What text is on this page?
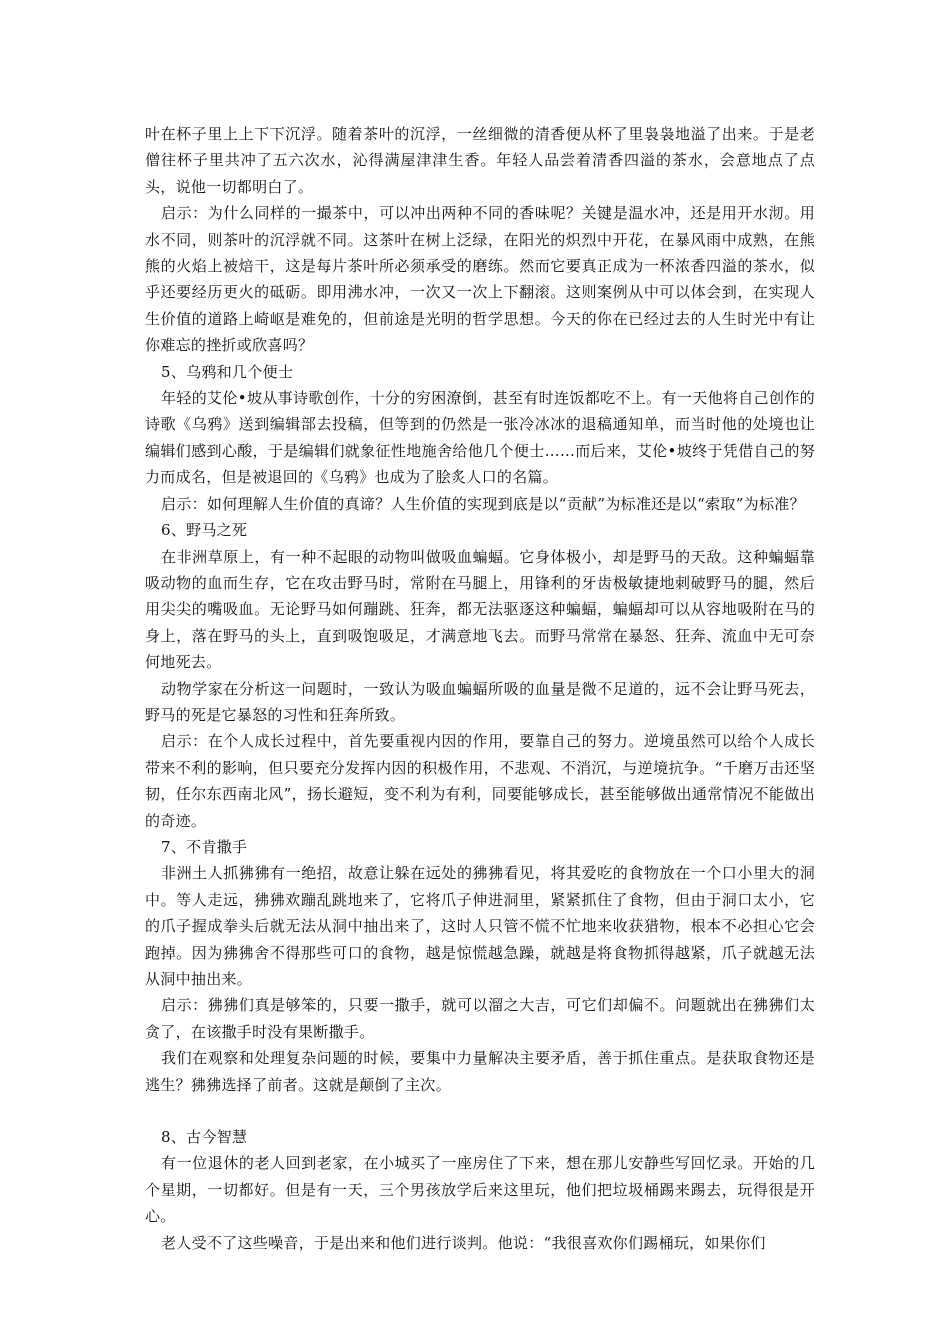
叶在杯子里上上下下沉浮。随着茶叶的沉浮，一丝细微的清香便从杯了里袅袅地溢了出来。于是老僧往杯子里共冲了五六次水，沁得满屋津津生香。年轻人品尝着清香四溢的茶水，会意地点了点头，说他一切都明白了。

启示：为什么同样的一撮茶中，可以冲出两种不同的香味呢？关键是温水冲，还是用开水沏。用水不同，则茶叶的沉浮就不同。这茶叶在树上泛绿，在阳光的炽烈中开花，在暴风雨中成熟，在熊熊的火焰上被焙干，这是每片茶叶所必须承受的磨练。然而它要真正成为一杯浓香四溢的茶水，似乎还要经历更火的砥砺。即用沸水冲，一次又一次上下翻滚。这则案例从中可以体会到，在实现人生价值的道路上崎岖是难免的，但前途是光明的哲学思想。今天的你在已经过去的人生时光中有让你难忘的挫折或欣喜吗？

5、乌鸦和几个便士

年轻的艾伦•坡从事诗歌创作，十分的穷困潦倒，甚至有时连饭都吃不上。有一天他将自己创作的诗歌《乌鸦》送到编辑部去投稿，但等到的仍然是一张冷冰冰的退稿通知单，而当时他的处境也让编辑们感到心酸，于是编辑们就象征性地施舍给他几个便士……而后来，艾伦•坡终于凭借自己的努力而成名，但是被退回的《乌鸦》也成为了脍炙人口的名篇。

启示：如何理解人生价值的真谛？人生价值的实现到底是以“贡献”为标准还是以“索取”为标准？

6、野马之死

在非洲草原上，有一种不起眼的动物叫做吸血蝙蝠。它身体极小，却是野马的天敌。这种蝙蝠靠吸动物的血而生存，它在攻击野马时，常附在马腿上，用锋利的牙齿极敏捷地刺破野马的腿，然后用尖尖的嘴吸血。无论野马如何蹦跳、狂奔，都无法驱逐这种蝙蝠，蝙蝠却可以从容地吸附在马的身上，落在野马的头上，直到吸饱吸足，才满意地飞去。而野马常常在暴怒、狂奔、流血中无可奈何地死去。

动物学家在分析这一问题时，一致认为吸血蝙蝠所吸的血量是微不足道的，远不会让野马死去，野马的死是它暴怒的习性和狂奔所致。

启示：在个人成长过程中，首先要重视内因的作用，要靠自己的努力。逆境虽然可以给个人成长带来不利的影响，但只要充分发挥内因的积极作用，不悲观、不消沉，与逆境抗争。“千磨万击还坚韧，任尔东西南北风”，扬长避短，变不利为有利，同要能够成长，甚至能够做出通常情况不能做出的奇迹。

7、不肯撒手

非洲土人抓狒狒有一绝招，故意让躲在远处的狒狒看见，将其爱吃的食物放在一个口小里大的洞中。等人走远，狒狒欢蹦乱跳地来了，它将爪子伸进洞里，紧紧抓住了食物，但由于洞口太小，它的爪子握成拳头后就无法从洞中抽出来了，这时人只管不慌不忙地来收获猎物，根本不必担心它会跑掉。因为狒狒舍不得那些可口的食物，越是惊慌越急躁，就越是将食物抓得越紧，爪子就越无法从洞中抽出来。

启示：狒狒们真是够笨的，只要一撒手，就可以溜之大吉，可它们却偏不。问题就出在狒狒们太贪了，在该撒手时没有果断撒手。

我们在观察和处理复杂问题的时候，要集中力量解决主要矛盾，善于抓住重点。是获取食物还是逃生？狒狒选择了前者。这就是颠倒了主次。

8、古今智慧

有一位退休的老人回到老家，在小城买了一座房住了下来，想在那儿安静些写回忆录。开始的几个星期，一切都好。但是有一天，三个男孩放学后来这里玩，他们把垃圾桶踢来踢去，玩得很是开心。

老人受不了这些噪音，于是出来和他们进行谈判。他说：“我很喜欢你们踢桶玩，如果你们
